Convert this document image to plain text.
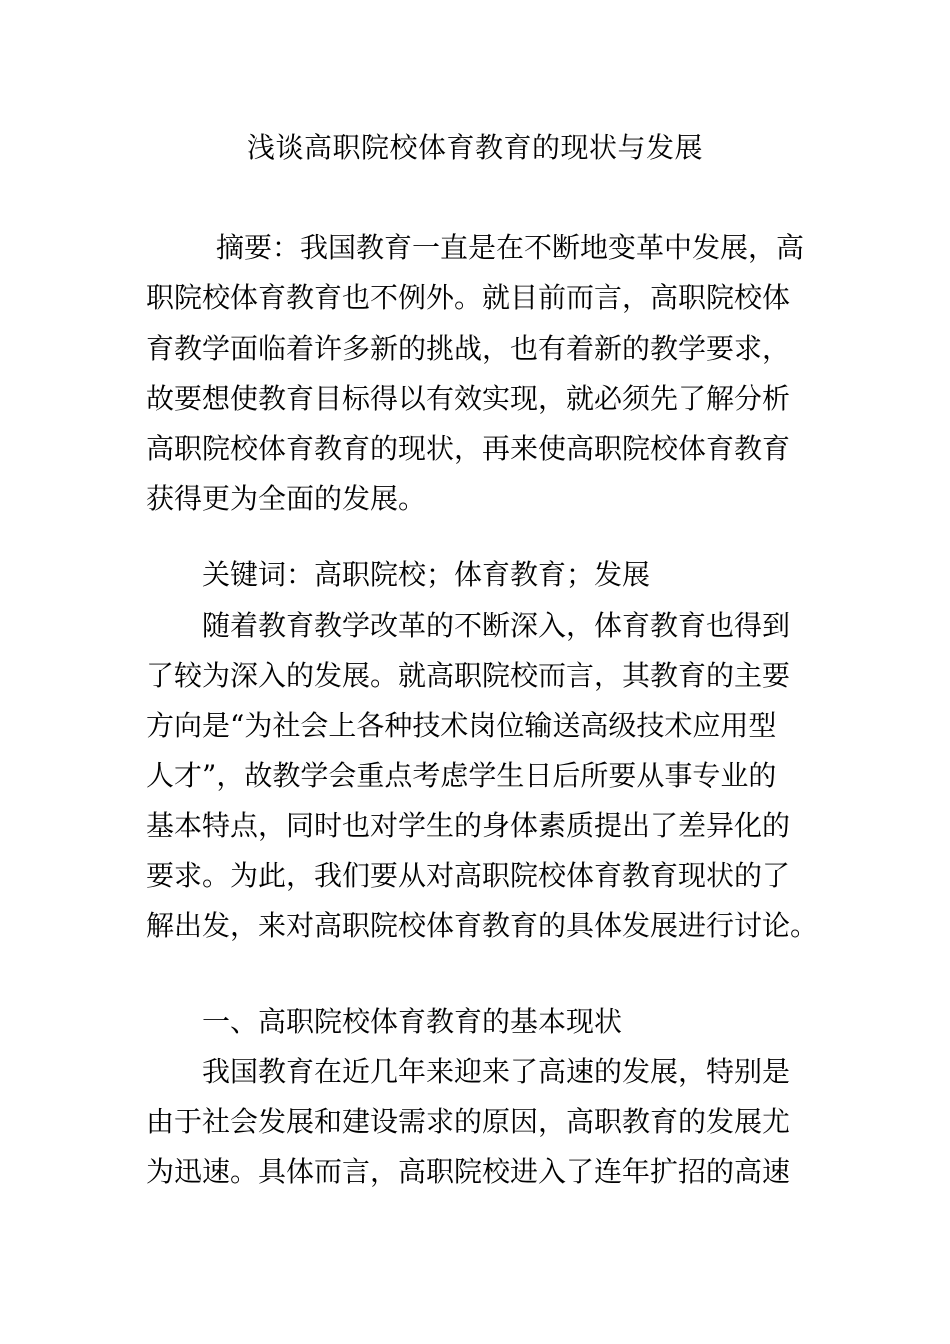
浅谈高职院校体育教育的现状与发展
摘要：我国教育一直是在不断地变革中发展，高
职院校体育教育也不例外。就目前而言，高职院校体
育教学面临着许多新的挑战，也有着新的教学要求，
故要想使教育目标得以有效实现，就必须先了解分析
高职院校体育教育的现状，再来使高职院校体育教育
获得更为全面的发展。
关键词：高职院校；体育教育；发展
随着教育教学改革的不断深入，体育教育也得到
了较为深入的发展。就高职院校而言，其教育的主要
方向是“为社会上各种技术岗位输送高级技术应用型
人才”，故教学会重点考虑学生日后所要从事专业的
基本特点，同时也对学生的身体素质提出了差异化的
要求。为此，我们要从对高职院校体育教育现状的了
解出发，来对高职院校体育教育的具体发展进行讨论。
一、高职院校体育教育的基本现状
我国教育在近几年来迎来了高速的发展，特别是
由于社会发展和建设需求的原因，高职教育的发展尤
为迅速。具体而言，高职院校进入了连年扩招的高速
